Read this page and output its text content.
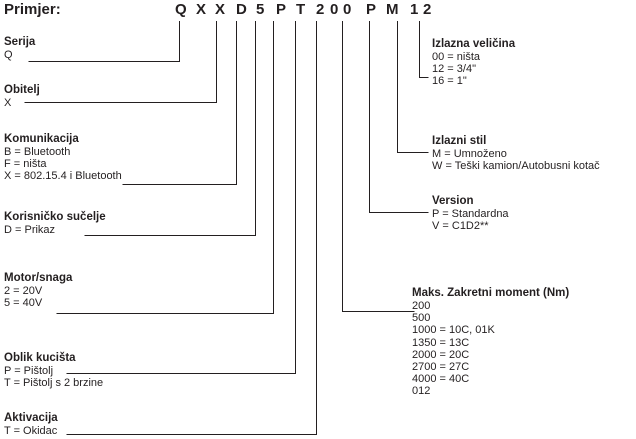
Primjer:	Q X X D 5 P T 2 0 0 P M 1 2
Serija
Q
Obitelj
X
Komunikacija
B = Bluetooth
F = ništa
X = 802.15.4 i Bluetooth
Korisničko sučelje
D = Prikaz
Motor/snaga
2 = 20V
5 = 40V
Oblik kucišta
P = Pištolj
T = Pištolj s 2 brzine
Aktivacija
T = Okidac
Izlazna veličina
00 = ništa
12 = 3/4"
16 = 1"
Izlazni stil
M = Umnoženo
W = Teški kamion/Autobusni kotač
Version
P = Standardna
V = C1D2**
Maks. Zakretni moment (Nm)
200
500
1000 = 10C, 01K
1350 = 13C
2000 = 20C
2700 = 27C
4000 = 40C
012
